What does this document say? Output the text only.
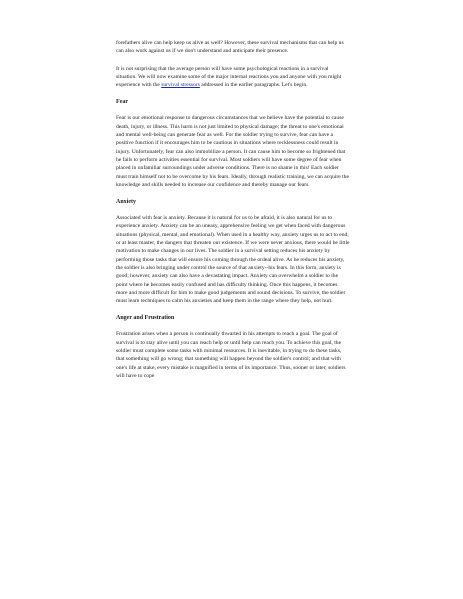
forefathers alive can help keep us alive as well? However, these survival mechanisms that can help us can also work against us if we don't understand and anticipate their presence.

It is not surprising that the average person will have some psychological reactions in a survival situation. We will now examine some of the major internal reactions you and anyone with you might experience with the survival stressors addressed in the earlier paragraphs. Let's begin.

Fear

Fear is our emotional response to dangerous circumstances that we believe have the potential to cause death, injury, or illness. This harm is not just limited to physical damage; the threat to one's emotional and mental well-being can generate fear as well. For the soldier trying to survive, fear can have a positive function if it encourages him to be cautious in situations where recklessness could result in injury. Unfortunately, fear can also immobilize a person. It can cause him to become so frightened that he fails to perform activities essential for survival. Most soldiers will have some degree of fear when placed in unfamiliar surroundings under adverse conditions. There is no shame in this! Each soldier must train himself not to be overcome by his fears. Ideally, through realistic training, we can acquire the knowledge and skills needed to increase our confidence and thereby manage our fears.

Anxiety

Associated with fear is anxiety. Because it is natural for us to be afraid, it is also natural for us to experience anxiety. Anxiety can be an uneasy, apprehensive feeling we get when faced with dangerous situations (physical, mental, and emotional). When used in a healthy way, anxiety urges us to act to end, or at least master, the dangers that threaten our existence. If we were never anxious, there would be little motivation to make changes in our lives. The soldier in a survival setting reduces his anxiety by performing those tasks that will ensure his coming through the ordeal alive. As he reduces his anxiety, the soldier is also bringing under control the source of that anxiety--his fears. In this form, anxiety is good; however, anxiety can also have a devastating impact. Anxiety can overwhelm a soldier to the point where he becomes easily confused and has difficulty thinking. Once this happens, it becomes more and more difficult for him to make good judgements and sound decisions. To survive, the soldier must learn techniques to calm his anxieties and keep them in the range where they help, not hurt.

Anger and Frustration

Frustration arises when a person is continually thwarted in his attempts to reach a goal. The goal of survival is to stay alive until you can reach help or until help can reach you. To achieve this goal, the soldier must complete some tasks with minimal resources. It is inevitable, in trying to do these tasks, that something will go wrong; that something will happen beyond the soldier's control; and that with one's life at stake, every mistake is magnified in terms of its importance. Thus, sooner or later, soldiers will have to cope
